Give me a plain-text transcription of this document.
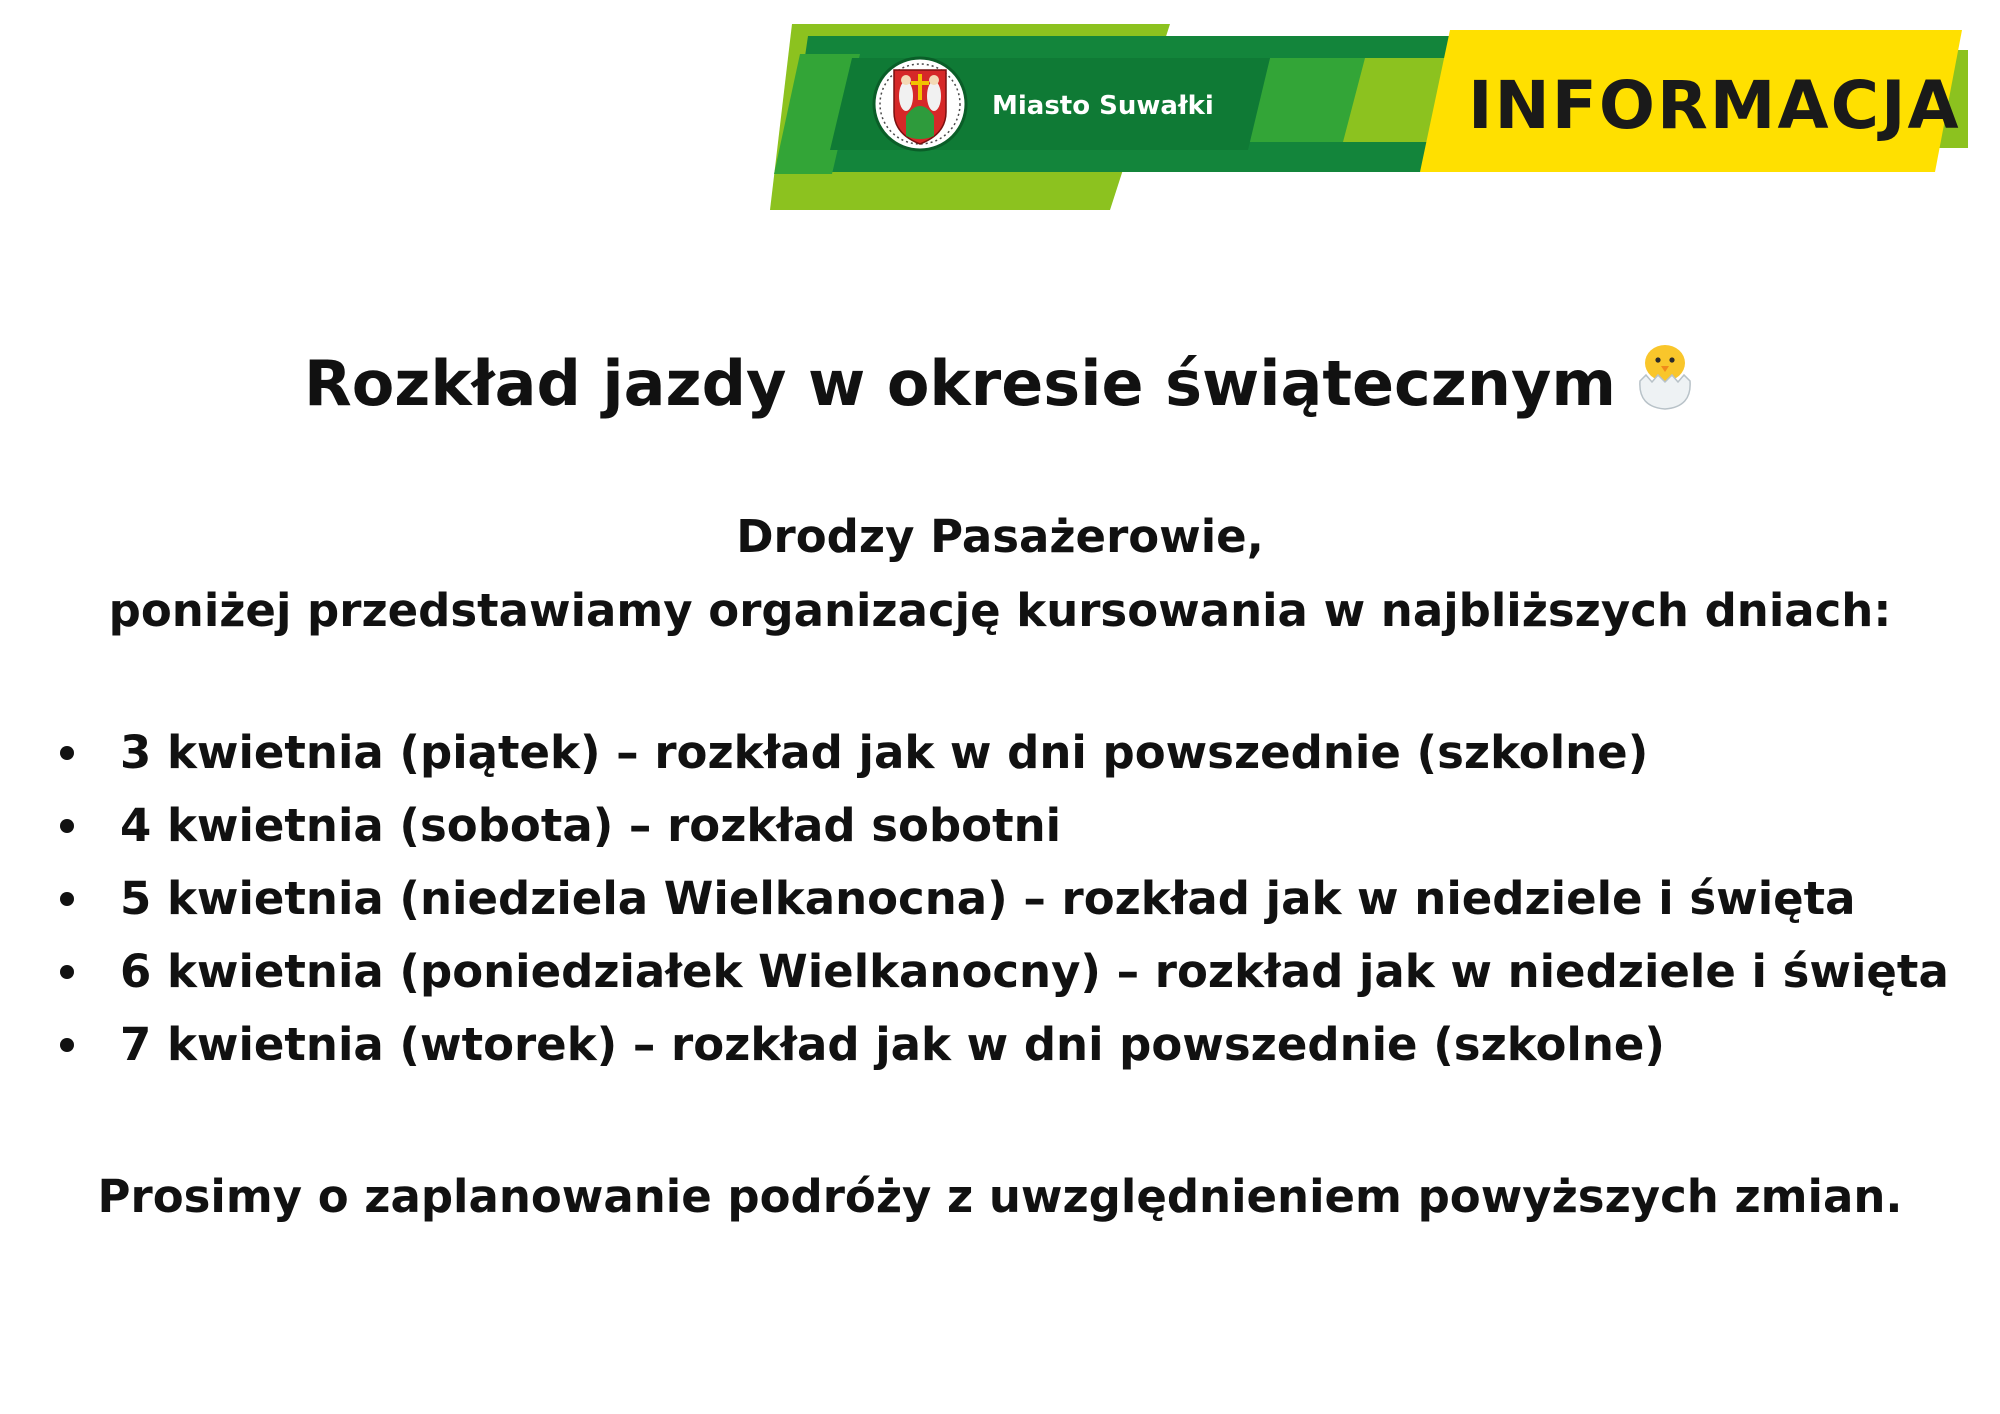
Miasto Suwałki	INFORMACJA
Rozkład jazdy w okresie świątecznym
Drodzy Pasażerowie,
poniżej przedstawiamy organizację kursowania w najbliższych dniach:
3 kwietnia (piątek) – rozkład jak w dni powszednie (szkolne)
4 kwietnia (sobota) – rozkład sobotni
5 kwietnia (niedziela Wielkanocna) – rozkład jak w niedziele i święta
6 kwietnia (poniedziałek Wielkanocny) – rozkład jak w niedziele i święta
7 kwietnia (wtorek) – rozkład jak w dni powszednie (szkolne)
Prosimy o zaplanowanie podróży z uwzględnieniem powyższych zmian.
